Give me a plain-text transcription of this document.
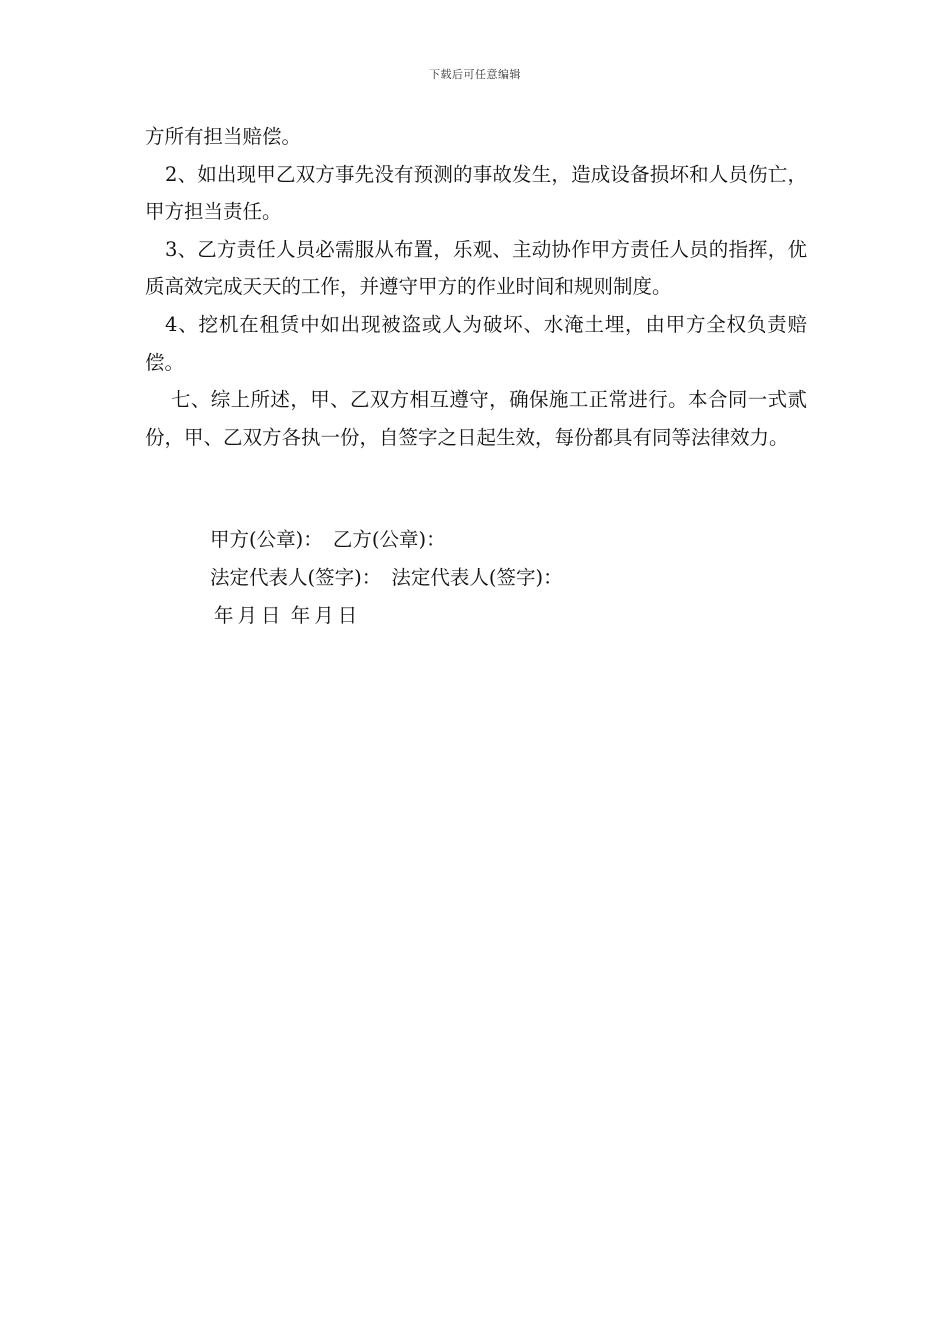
下载后可任意编辑

方所有担当赔偿。

2、如出现甲乙双方事先没有预测的事故发生，造成设备损坏和人员伤亡，甲方担当责任。

3、乙方责任人员必需服从布置，乐观、主动协作甲方责任人员的指挥，优质高效完成天天的工作，并遵守甲方的作业时间和规则制度。

4、挖机在租赁中如出现被盗或人为破坏、水淹土埋，由甲方全权负责赔偿。

七、综上所述，甲、乙双方相互遵守，确保施工正常进行。本合同一式贰份，甲、乙双方各执一份，自签字之日起生效，每份都具有同等法律效力。

甲方(公章)： 乙方(公章)：
法定代表人(签字)： 法定代表人(签字)：
年 月 日 年 月 日
